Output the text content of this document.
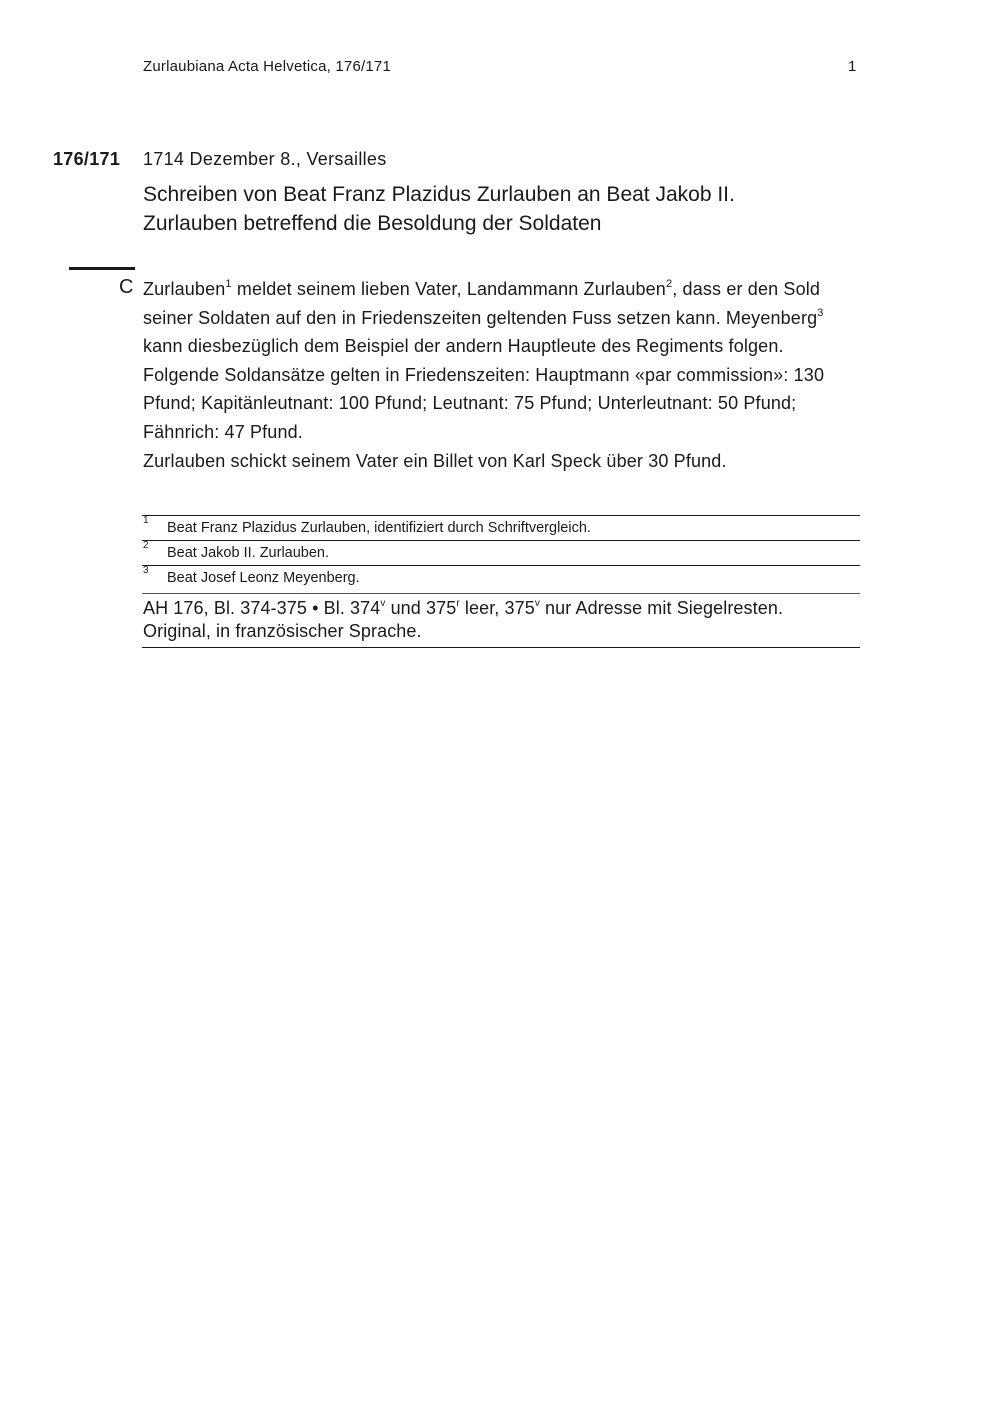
Zurlaubiana Acta Helvetica, 176/171	1
176/171 1714 Dezember 8., Versailles
Schreiben von Beat Franz Plazidus Zurlauben an Beat Jakob II.
Zurlauben betreffend die Besoldung der Soldaten
C Zurlauben$^1$ meldet seinem lieben Vater, Landammann Zurlauben$^2$, dass er den Sold seiner Soldaten auf den in Friedenszeiten geltenden Fuss setzen kann. Meyenberg$^3$ kann diesbezüglich dem Beispiel der andern Hauptleute des Regiments folgen. Folgende Soldansätze gelten in Friedenszeiten: Hauptmann «par commission»: 130 Pfund; Kapitänleutnant: 100 Pfund; Leutnant: 75 Pfund; Unterleutnant: 50 Pfund; Fähnrich: 47 Pfund.

Zurlauben schickt seinem Vater ein Billet von Karl Speck über 30 Pfund.

1 Beat Franz Plazidus Zurlauben, identifiziert durch Schriftvergleich.
2 Beat Jakob II. Zurlauben.
3 Beat Josef Leonz Meyenberg.
AH 176, Bl. 374-375 • Bl. 374$^v$ und 375$^r$ leer, 375$^v$ nur Adresse mit Siegelresten.
Original, in französischer Sprache.
